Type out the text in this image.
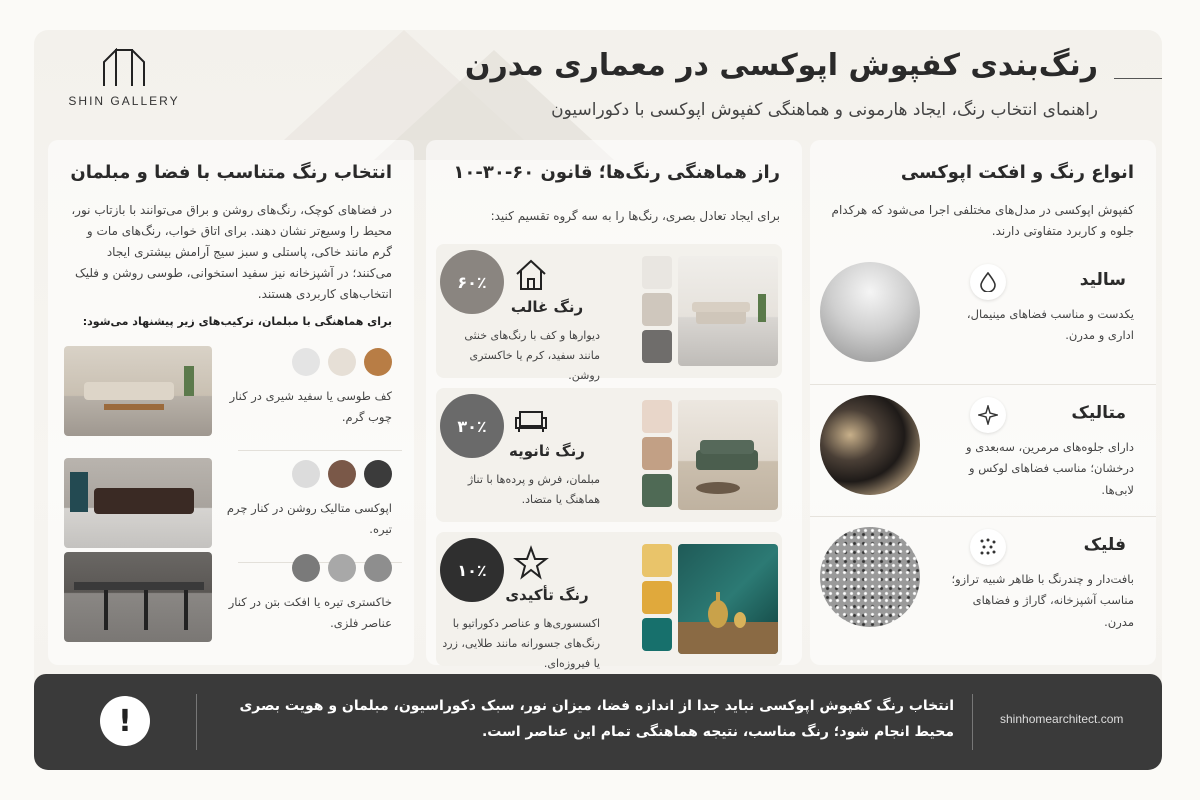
SHIN GALLERY
رنگ‌بندی کفپوش اپوکسی در معماری مدرن
راهنمای انتخاب رنگ، ایجاد هارمونی و هماهنگی کفپوش اپوکسی با دکوراسیون
انواع رنگ و افکت اپوکسی
کفپوش اپوکسی در مدل‌های مختلفی اجرا می‌شود که هرکدام جلوه و کاربرد متفاوتی دارند.
سالید
یکدست و مناسب فضاهای مینیمال، اداری و مدرن.
متالیک
دارای جلوه‌های مرمرین، سه‌بعدی و درخشان؛ مناسب فضاهای لوکس و لابی‌ها.
فلیک
بافت‌دار و چندرنگ با ظاهر شبیه ترازو؛ مناسب آشپزخانه، گاراژ و فضاهای مدرن.
راز هماهنگی رنگ‌ها؛ قانون ۶۰-۳۰-۱۰
برای ایجاد تعادل بصری، رنگ‌ها را به سه گروه تقسیم کنید:
۶۰٪
رنگ غالب
دیوارها و کف با رنگ‌های خنثی مانند سفید، کرم یا خاکستری روشن.
۳۰٪
رنگ ثانویه
مبلمان، فرش و پرده‌ها با تناژ هماهنگ یا متضاد.
۱۰٪
رنگ تأکیدی
اکسسوری‌ها و عناصر دکوراتیو با رنگ‌های جسورانه مانند طلایی، زرد یا فیروزه‌ای.
انتخاب رنگ متناسب با فضا و مبلمان
در فضاهای کوچک، رنگ‌های روشن و براق می‌توانند با بازتاب نور، محیط را وسیع‌تر نشان دهند. برای اتاق خواب، رنگ‌های مات و گرم مانند خاکی، پاستلی و سبز سیج آرامش بیشتری ایجاد می‌کنند؛ در آشپزخانه نیز سفید استخوانی، طوسی روشن و فلیک انتخاب‌های کاربردی هستند.
برای هماهنگی با مبلمان، ترکیب‌های زیر پیشنهاد می‌شود:
کف طوسی یا سفید شیری در کنار چوب گرم.
اپوکسی متالیک روشن در کنار چرم تیره.
خاکستری تیره یا افکت بتن در کنار عناصر فلزی.
!	انتخاب رنگ کفپوش اپوکسی نباید جدا از اندازه فضا، میزان نور، سبک دکوراسیون، مبلمان و هویت بصری محیط انجام شود؛ رنگ مناسب، نتیجه هماهنگی تمام این عناصر است.
shinhomearchitect.com
